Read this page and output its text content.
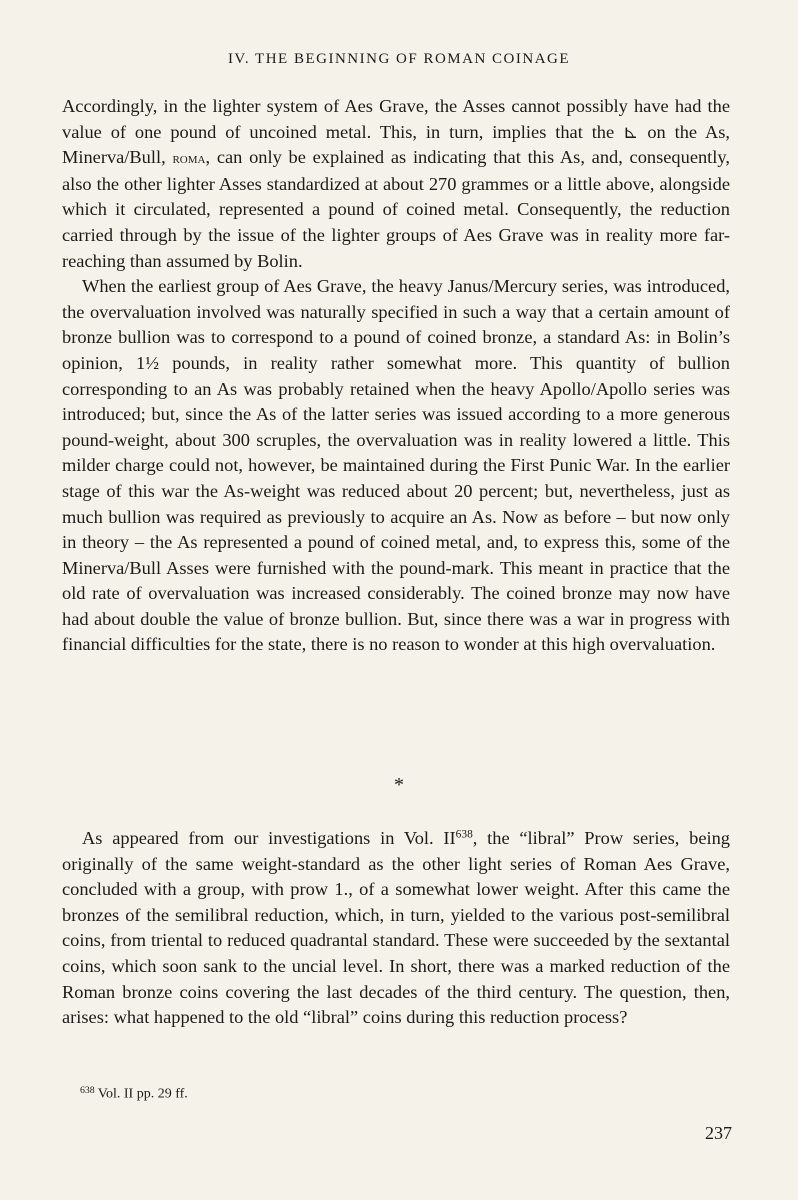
IV. THE BEGINNING OF ROMAN COINAGE

Accordingly, in the lighter system of Aes Grave, the Asses cannot possibly have had the value of one pound of uncoined metal. This, in turn, implies that the ⊾ on the As, Minerva/Bull, roma, can only be explained as indicating that this As, and, consequently, also the other lighter Asses standardized at about 270 grammes or a little above, alongside which it circulated, represented a pound of coined metal. Consequently, the reduction carried through by the issue of the lighter groups of Aes Grave was in reality more far-reaching than assumed by Bolin.

When the earliest group of Aes Grave, the heavy Janus/Mercury series, was introduced, the overvaluation involved was naturally specified in such a way that a certain amount of bronze bullion was to correspond to a pound of coined bronze, a standard As: in Bolin’s opinion, 1½ pounds, in reality rather somewhat more. This quantity of bullion corresponding to an As was probably retained when the heavy Apollo/Apollo series was introduced; but, since the As of the latter series was issued according to a more generous pound-weight, about 300 scruples, the overvaluation was in reality lowered a little. This milder charge could not, however, be maintained during the First Punic War. In the earlier stage of this war the As-weight was reduced about 20 percent; but, nevertheless, just as much bullion was required as previously to acquire an As. Now as before – but now only in theory – the As represented a pound of coined metal, and, to express this, some of the Minerva/Bull Asses were furnished with the pound-mark. This meant in practice that the old rate of overvaluation was increased considerably. The coined bronze may now have had about double the value of bronze bullion. But, since there was a war in progress with financial difficulties for the state, there is no reason to wonder at this high overvaluation.

*

As appeared from our investigations in Vol. II$^{638}$, the “libral” Prow series, being originally of the same weight-standard as the other light series of Roman Aes Grave, concluded with a group, with prow 1., of a somewhat lower weight. After this came the bronzes of the semilibral reduction, which, in turn, yielded to the various post-semilibral coins, from triental to reduced quadrantal standard. These were succeeded by the sextantal coins, which soon sank to the uncial level. In short, there was a marked reduction of the Roman bronze coins covering the last decades of the third century. The question, then, arises: what happened to the old “libral” coins during this reduction process?

$^{638}$ Vol. II pp. 29 ff.
237
